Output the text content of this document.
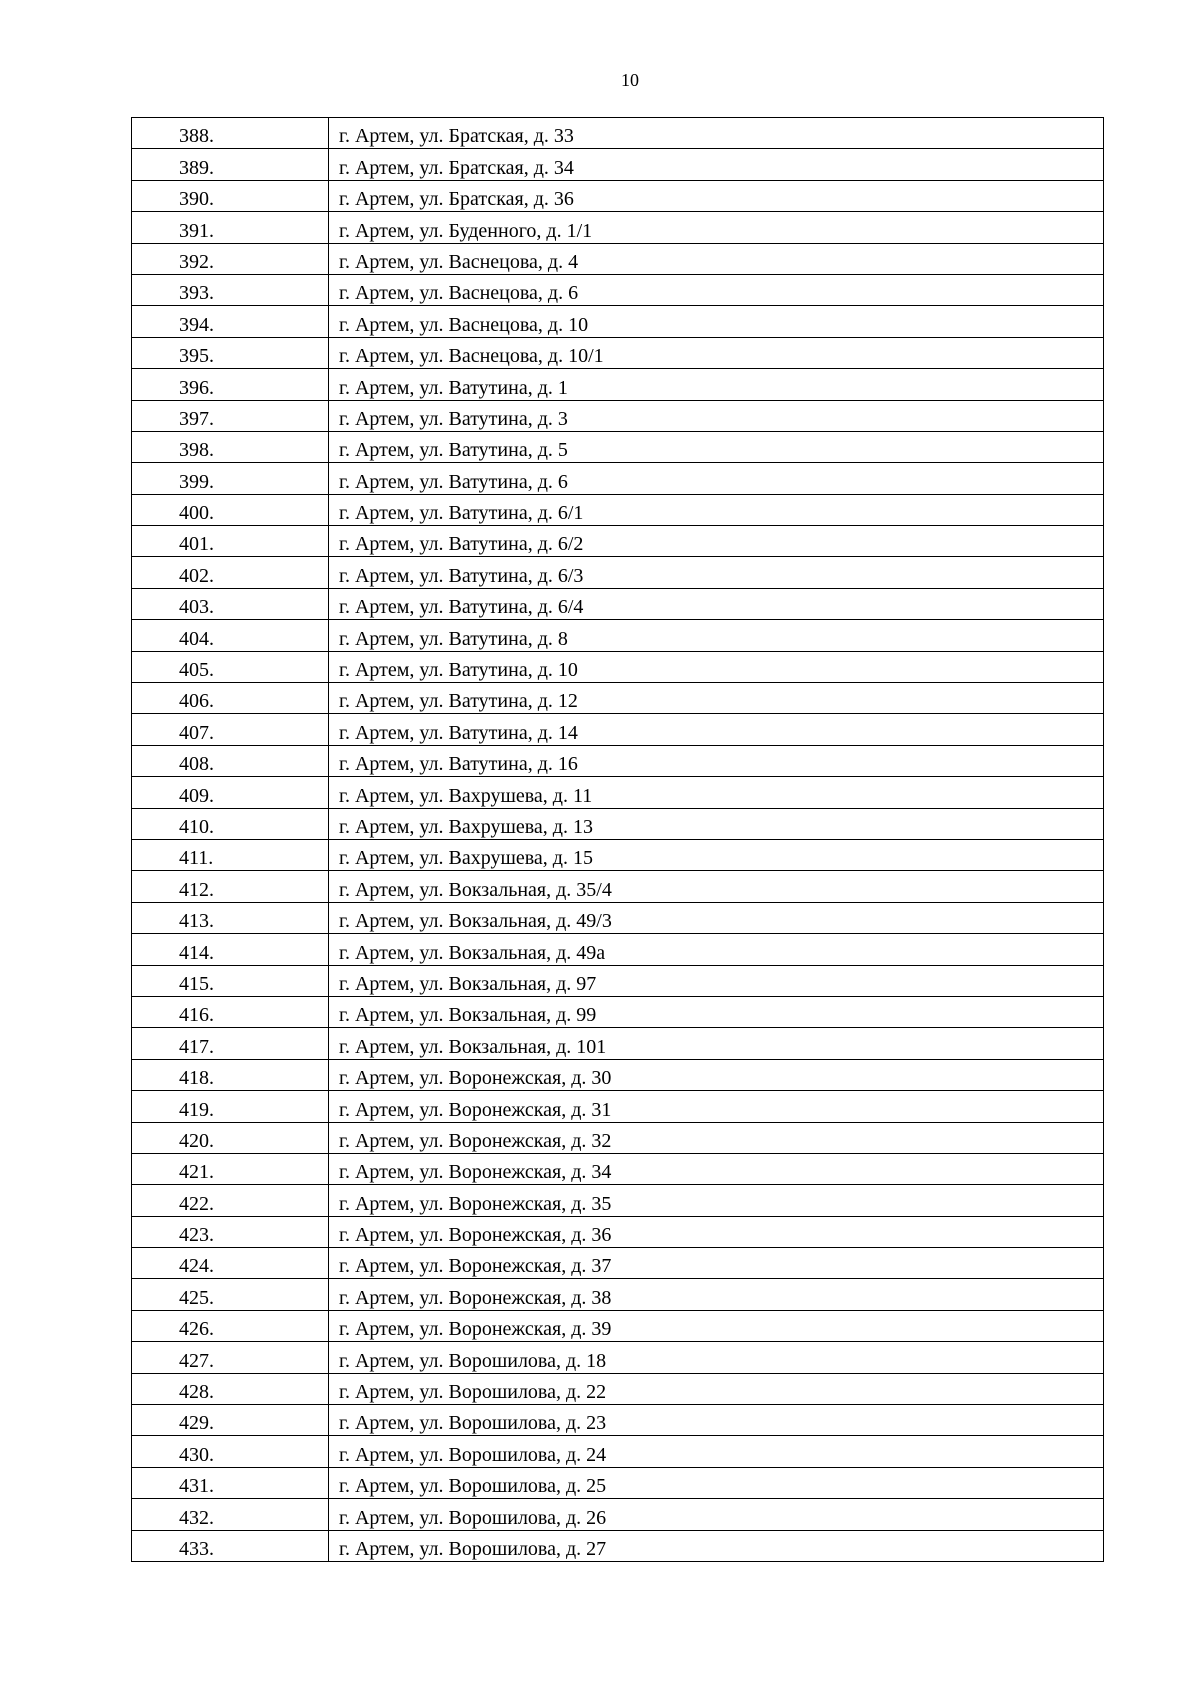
10
388.	г. Артем, ул. Братская, д. 33
389.	г. Артем, ул. Братская, д. 34
390.	г. Артем, ул. Братская, д. 36
391.	г. Артем, ул. Буденного, д. 1/1
392.	г. Артем, ул. Васнецова, д. 4
393.	г. Артем, ул. Васнецова, д. 6
394.	г. Артем, ул. Васнецова, д. 10
395.	г. Артем, ул. Васнецова, д. 10/1
396.	г. Артем, ул. Ватутина, д. 1
397.	г. Артем, ул. Ватутина, д. 3
398.	г. Артем, ул. Ватутина, д. 5
399.	г. Артем, ул. Ватутина, д. 6
400.	г. Артем, ул. Ватутина, д. 6/1
401.	г. Артем, ул. Ватутина, д. 6/2
402.	г. Артем, ул. Ватутина, д. 6/3
403.	г. Артем, ул. Ватутина, д. 6/4
404.	г. Артем, ул. Ватутина, д. 8
405.	г. Артем, ул. Ватутина, д. 10
406.	г. Артем, ул. Ватутина, д. 12
407.	г. Артем, ул. Ватутина, д. 14
408.	г. Артем, ул. Ватутина, д. 16
409.	г. Артем, ул. Вахрушева, д. 11
410.	г. Артем, ул. Вахрушева, д. 13
411.	г. Артем, ул. Вахрушева, д. 15
412.	г. Артем, ул. Вокзальная, д. 35/4
413.	г. Артем, ул. Вокзальная, д. 49/3
414.	г. Артем, ул. Вокзальная, д. 49а
415.	г. Артем, ул. Вокзальная, д. 97
416.	г. Артем, ул. Вокзальная, д. 99
417.	г. Артем, ул. Вокзальная, д. 101
418.	г. Артем, ул. Воронежская, д. 30
419.	г. Артем, ул. Воронежская, д. 31
420.	г. Артем, ул. Воронежская, д. 32
421.	г. Артем, ул. Воронежская, д. 34
422.	г. Артем, ул. Воронежская, д. 35
423.	г. Артем, ул. Воронежская, д. 36
424.	г. Артем, ул. Воронежская, д. 37
425.	г. Артем, ул. Воронежская, д. 38
426.	г. Артем, ул. Воронежская, д. 39
427.	г. Артем, ул. Ворошилова, д. 18
428.	г. Артем, ул. Ворошилова, д. 22
429.	г. Артем, ул. Ворошилова, д. 23
430.	г. Артем, ул. Ворошилова, д. 24
431.	г. Артем, ул. Ворошилова, д. 25
432.	г. Артем, ул. Ворошилова, д. 26
433.	г. Артем, ул. Ворошилова, д. 27
